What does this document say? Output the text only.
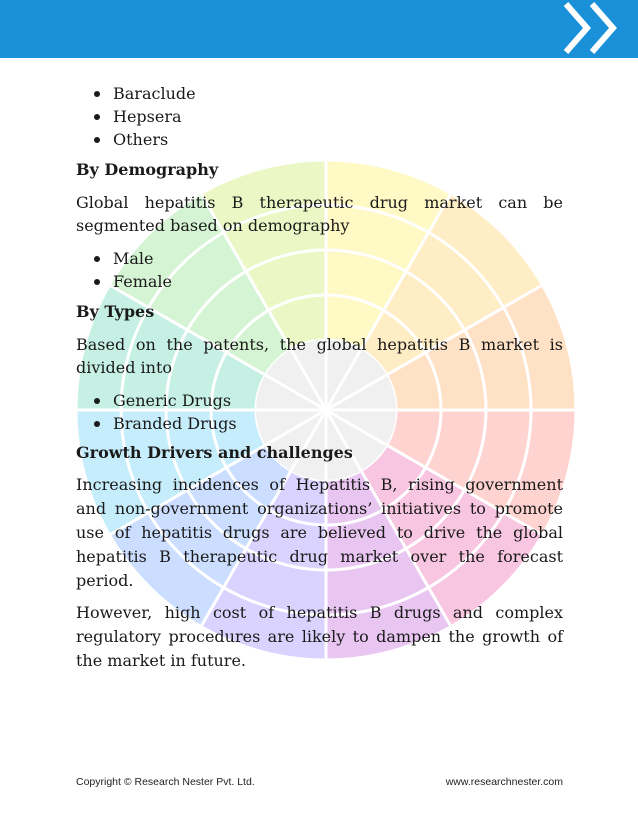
Baraclude
Hepsera
Others
By Demography

Global hepatitis B therapeutic drug market can be segmented based on demography

Male
Female
By Types

Based on the patents, the global hepatitis B market is divided into

Generic Drugs
Branded Drugs
Growth Drivers and challenges

Increasing incidences of Hepatitis B, rising government and non-government organizations’ initiatives to promote use of hepatitis drugs are believed to drive the global hepatitis B therapeutic drug market over the forecast period.

However, high cost of hepatitis B drugs and complex regulatory procedures are likely to dampen the growth of the market in future.

Copyright © Research Nester Pvt. Ltd.	www.researchnester.com
